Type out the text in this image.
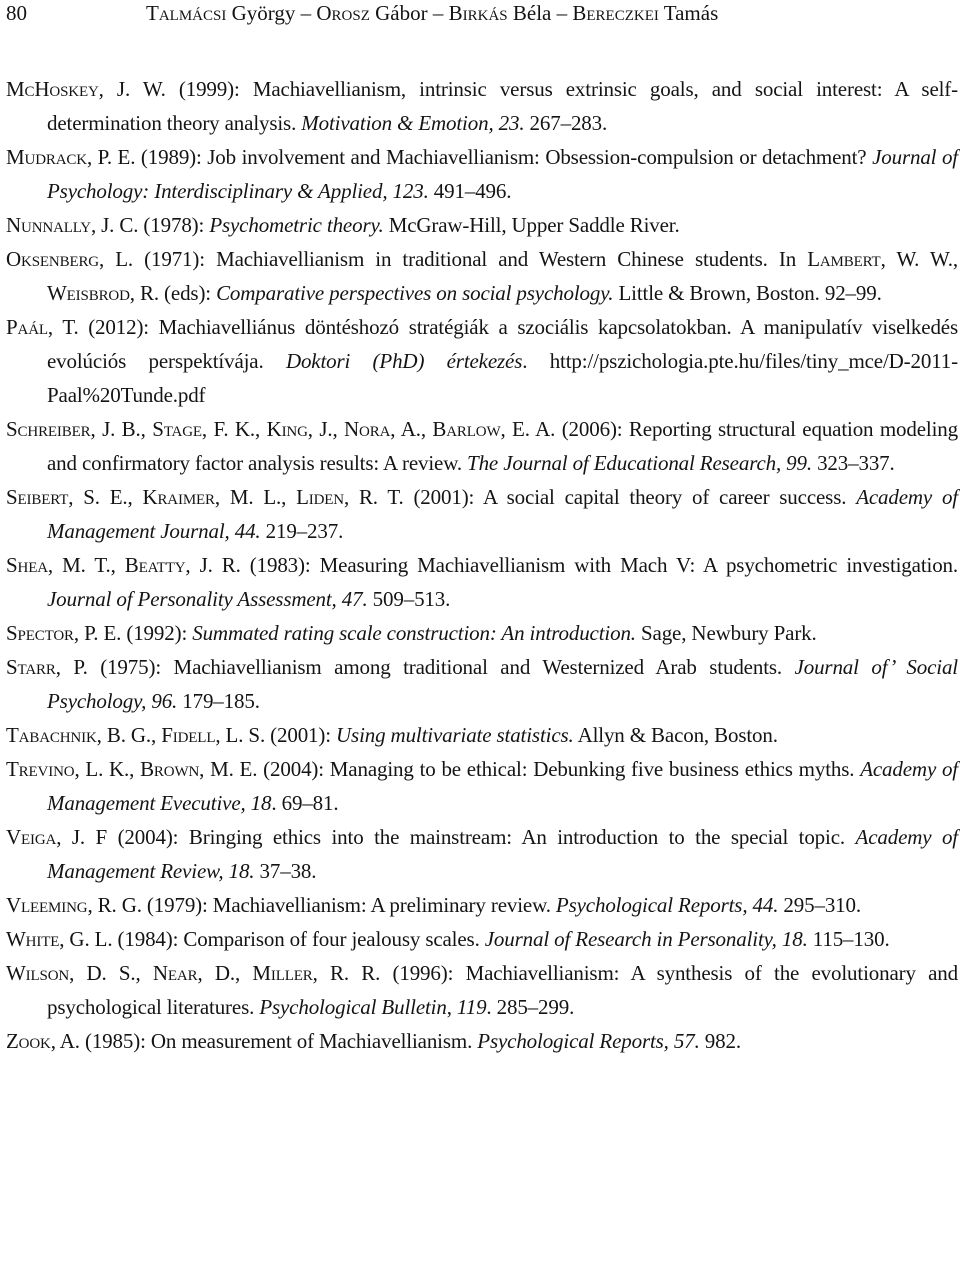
80	Talmácsi György – Orosz Gábor – Birkás Béla – Bereczkei Tamás

McHoskey, J. W. (1999): Machiavellianism, intrinsic versus extrinsic goals, and social interest: A self-determination theory analysis. Motivation & Emotion, 23. 267–283.

Mudrack, P. E. (1989): Job involvement and Machiavellianism: Obsession-compulsion or detachment? Journal of Psychology: Interdisciplinary & Applied, 123. 491–496.

Nunnally, J. C. (1978): Psychometric theory. McGraw-Hill, Upper Saddle River.

Oksenberg, L. (1971): Machiavellianism in traditional and Western Chinese students. In Lambert, W. W., Weisbrod, R. (eds): Comparative perspectives on social psychology. Little & Brown, Boston. 92–99.

Paál, T. (2012): Machiavelliánus döntéshozó stratégiák a szociális kapcsolatokban. A manipulatív viselkedés evolúciós perspektívája. Doktori (PhD) értekezés. http://pszichologia.pte.hu/files/tiny_mce/D-2011-Paal%20Tunde.pdf

Schreiber, J. B., Stage, F. K., King, J., Nora, A., Barlow, E. A. (2006): Reporting structural equation modeling and confirmatory factor analysis results: A review. The Journal of Educational Research, 99. 323–337.

Seibert, S. E., Kraimer, M. L., Liden, R. T. (2001): A social capital theory of career success. Academy of Management Journal, 44. 219–237.

Shea, M. T., Beatty, J. R. (1983): Measuring Machiavellianism with Mach V: A psychometric investigation. Journal of Personality Assessment, 47. 509–513.

Spector, P. E. (1992): Summated rating scale construction: An introduction. Sage, Newbury Park.

Starr, P. (1975): Machiavellianism among traditional and Westernized Arab students. Journal of’ Social Psychology, 96. 179–185.

Tabachnik, B. G., Fidell, L. S. (2001): Using multivariate statistics. Allyn & Bacon, Boston.

Trevino, L. K., Brown, M. E. (2004): Managing to be ethical: Debunking five business ethics myths. Academy of Management Evecutive, 18. 69–81.

Veiga, J. F (2004): Bringing ethics into the mainstream: An introduction to the special topic. Academy of Management Review, 18. 37–38.

Vleeming, R. G. (1979): Machiavellianism: A preliminary review. Psychological Reports, 44. 295–310.

White, G. L. (1984): Comparison of four jealousy scales. Journal of Research in Personality, 18. 115–130.

Wilson, D. S., Near, D., Miller, R. R. (1996): Machiavellianism: A synthesis of the evolutionary and psychological literatures. Psychological Bulletin, 119. 285–299.

Zook, A. (1985): On measurement of Machiavellianism. Psychological Reports, 57. 982.
